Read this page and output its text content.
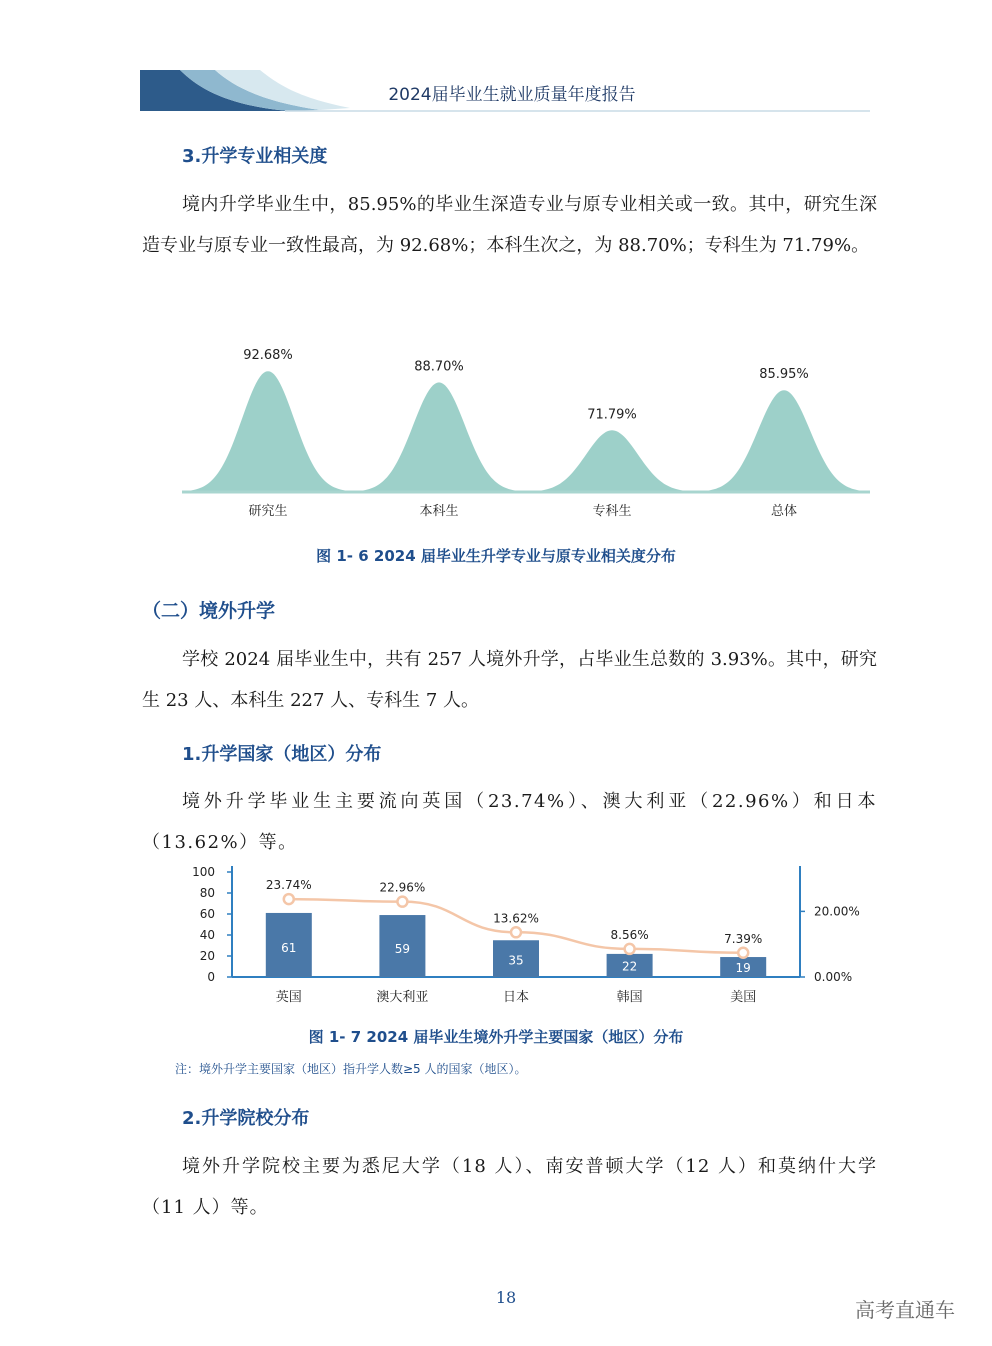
2024届毕业生就业质量年度报告
3.升学专业相关度
境内升学毕业生中，85.95%的毕业生深造专业与原专业相关或一致。其中，研究生深造专业与原专业一致性最高，为 92.68%；本科生次之，为 88.70%；专科生为 71.79%。
92.68%
研究生
88.70%
本科生
71.79%
专科生
85.95%
总体
图 1- 6 2024 届毕业生升学专业与原专业相关度分布
（二）境外升学
学校 2024 届毕业生中，共有 257 人境外升学，占毕业生总数的 3.93%。其中，研究生 23 人、本科生 227 人、专科生 7 人。
1.升学国家（地区）分布
境外升学毕业生主要流向英国（23.74%）、澳大利亚（22.96%）和日本（13.62%）等。
0
20
40
60
80
100
0.00%
20.00%
61
英国
59
澳大利亚
35
日本
22
韩国
19
美国
23.74%	22.96%
13.62%
8.56%	7.39%
图 1- 7 2024 届毕业生境外升学主要国家（地区）分布
注：境外升学主要国家（地区）指升学人数≥5 人的国家（地区）。
2.升学院校分布
境外升学院校主要为悉尼大学（18 人）、南安普顿大学（12 人）和莫纳什大学（11 人）等。
18
高考直通车
